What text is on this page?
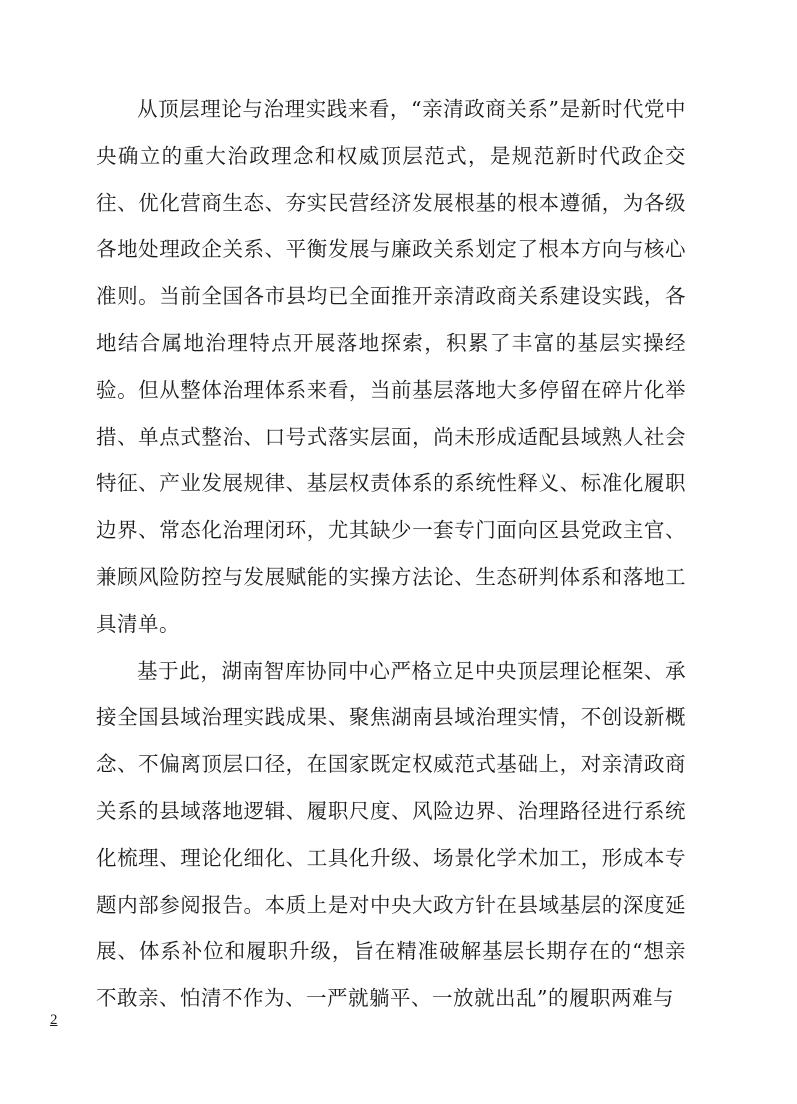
从顶层理论与治理实践来看，“亲清政商关系”是新时代党中央确立的重大治政理念和权威顶层范式，是规范新时代政企交往、优化营商生态、夯实民营经济发展根基的根本遵循，为各级各地处理政企关系、平衡发展与廉政关系划定了根本方向与核心准则。当前全国各市县均已全面推开亲清政商关系建设实践，各地结合属地治理特点开展落地探索，积累了丰富的基层实操经验。但从整体治理体系来看，当前基层落地大多停留在碎片化举措、单点式整治、口号式落实层面，尚未形成适配县域熟人社会特征、产业发展规律、基层权责体系的系统性释义、标准化履职边界、常态化治理闭环，尤其缺少一套专门面向区县党政主官、兼顾风险防控与发展赋能的实操方法论、生态研判体系和落地工具清单。

基于此，湖南智库协同中心严格立足中央顶层理论框架、承接全国县域治理实践成果、聚焦湖南县域治理实情，不创设新概念、不偏离顶层口径，在国家既定权威范式基础上，对亲清政商关系的县域落地逻辑、履职尺度、风险边界、治理路径进行系统化梳理、理论化细化、工具化升级、场景化学术加工，形成本专题内部参阅报告。本质上是对中央大政方针在县域基层的深度延展、体系补位和履职升级，旨在精准破解基层长期存在的“想亲不敢亲、怕清不作为、一严就躺平、一放就出乱”的履职两难与

2
